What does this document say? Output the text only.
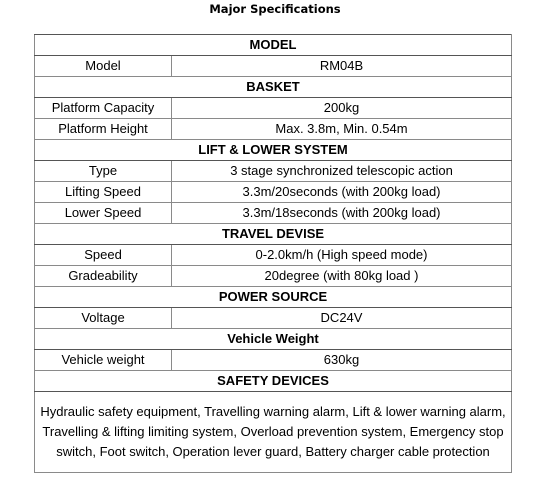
Major Specifications
MODEL	
Model	RM04B
BASKET	
Platform Capacity	200kg
Platform Height	Max. 3.8m, Min. 0.54m
LIFT & LOWER SYSTEM	
Type	3 stage synchronized telescopic action
Lifting Speed	3.3m/20seconds (with 200kg load)
Lower Speed	3.3m/18seconds (with 200kg load)
TRAVEL DEVISE	
Speed	0-2.0km/h (High speed mode)
Gradeability	20degree (with 80kg load )
POWER SOURCE	
Voltage	DC24V
Vehicle Weight	
Vehicle weight	630kg
SAFETY DEVICES	
Hydraulic safety equipment, Travelling warning alarm, Lift & lower warning alarm, Travelling & lifting limiting system, Overload prevention system, Emergency stop switch, Foot switch, Operation lever guard, Battery charger cable protection	
